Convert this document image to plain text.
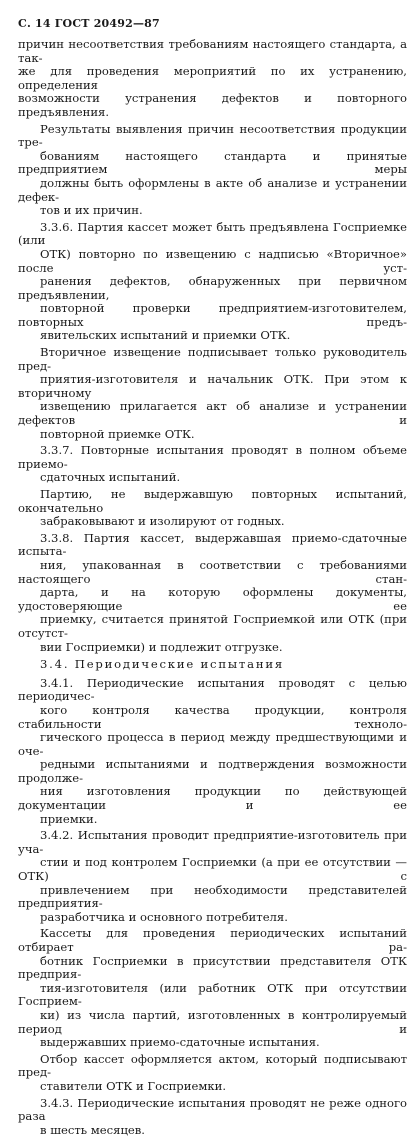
С. 14 ГОСТ 20492—87

причин несоответствия требованиям настоящего стандарта, а так-
же для проведения мероприятий по их устранению, определения
возможности устранения дефектов и повторного предъявления.

Результаты выявления причин несоответствия продукции тре-
бованиям настоящего стандарта и принятые предприятием меры
должны быть оформлены в акте об анализе и устранении дефек-
тов и их причин.

3.3.6. Партия кассет может быть предъявлена Госприемке (или
ОТК) повторно по извещению с надписью «Вторичное» после уст-
ранения дефектов, обнаруженных при первичном предъявлении,
повторной проверки предприятием-изготовителем, повторных предъ-
явительских испытаний и приемки ОТК.

Вторичное извещение подписывает только руководитель пред-
приятия-изготовителя и начальник ОТК. При этом к вторичному
извещению прилагается акт об анализе и устранении дефектов и
повторной приемке ОТК.

3.3.7. Повторные испытания проводят в полном объеме приемо-
сдаточных испытаний.

Партию, не выдержавшую повторных испытаний, окончательно
забраковывают и изолируют от годных.

3.3.8. Партия кассет, выдержавшая приемо-сдаточные испыта-
ния, упакованная в соответствии с требованиями настоящего стан-
дарта, и на которую оформлены документы, удостоверяющие ее
приемку, считается принятой Госприемкой или ОТК (при отсутст-
вии Госприемки) и подлежит отгрузке.

3.4. Периодические испытания

3.4.1. Периодические испытания проводят с целью периодичес-
кого контроля качества продукции, контроля стабильности техноло-
гического процесса в период между предшествующими и оче-
редными испытаниями и подтверждения возможности продолже-
ния изготовления продукции по действующей документации и ее
приемки.

3.4.2. Испытания проводит предприятие-изготовитель при уча-
стии и под контролем Госприемки (а при ее отсутствии — ОТК) с
привлечением при необходимости представителей предприятия-
разработчика и основного потребителя.

Кассеты для проведения периодических испытаний отбирает ра-
ботник Госприемки в присутствии представителя ОТК предприя-
тия-изготовителя (или работник ОТК при отсутствии Госприем-
ки) из числа партий, изготовленных в контролируемый период и
выдержавших приемо-сдаточные испытания.

Отбор кассет оформляется актом, который подписывают пред-
ставители ОТК и Госприемки.

3.4.3. Периодические испытания проводят не реже одного раза
в шесть месяцев.
